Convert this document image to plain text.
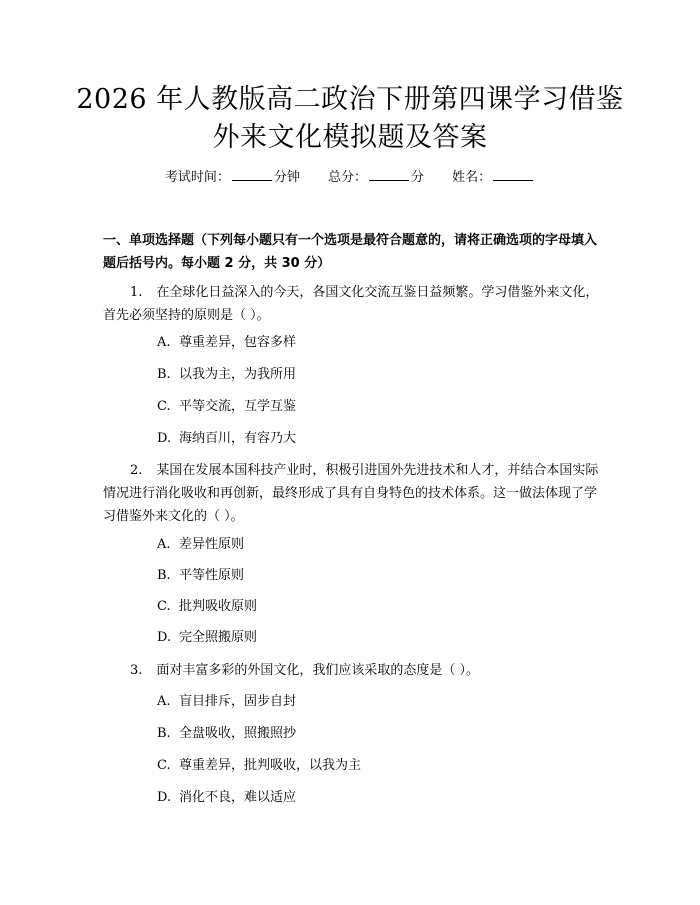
2026 年人教版高二政治下册第四课学习借鉴
外来文化模拟题及答案
考试时间：	分钟 总分：	分 姓名：
一、单项选择题（下列每小题只有一个选项是最符合题意的，请将正确选项的字母填入题后括号内。每小题 2 分，共 30 分）
1. 在全球化日益深入的今天，各国文化交流互鉴日益频繁。学习借鉴外来文化，首先必须坚持的原则是（ ）。
A. 尊重差异，包容多样
B. 以我为主，为我所用
C. 平等交流，互学互鉴
D. 海纳百川，有容乃大
2. 某国在发展本国科技产业时，积极引进国外先进技术和人才，并结合本国实际情况进行消化吸收和再创新，最终形成了具有自身特色的技术体系。这一做法体现了学习借鉴外来文化的（ ）。
A. 差异性原则
B. 平等性原则
C. 批判吸收原则
D. 完全照搬原则
3. 面对丰富多彩的外国文化，我们应该采取的态度是（ ）。
A. 盲目排斥，固步自封
B. 全盘吸收，照搬照抄
C. 尊重差异，批判吸收，以我为主
D. 消化不良，难以适应
